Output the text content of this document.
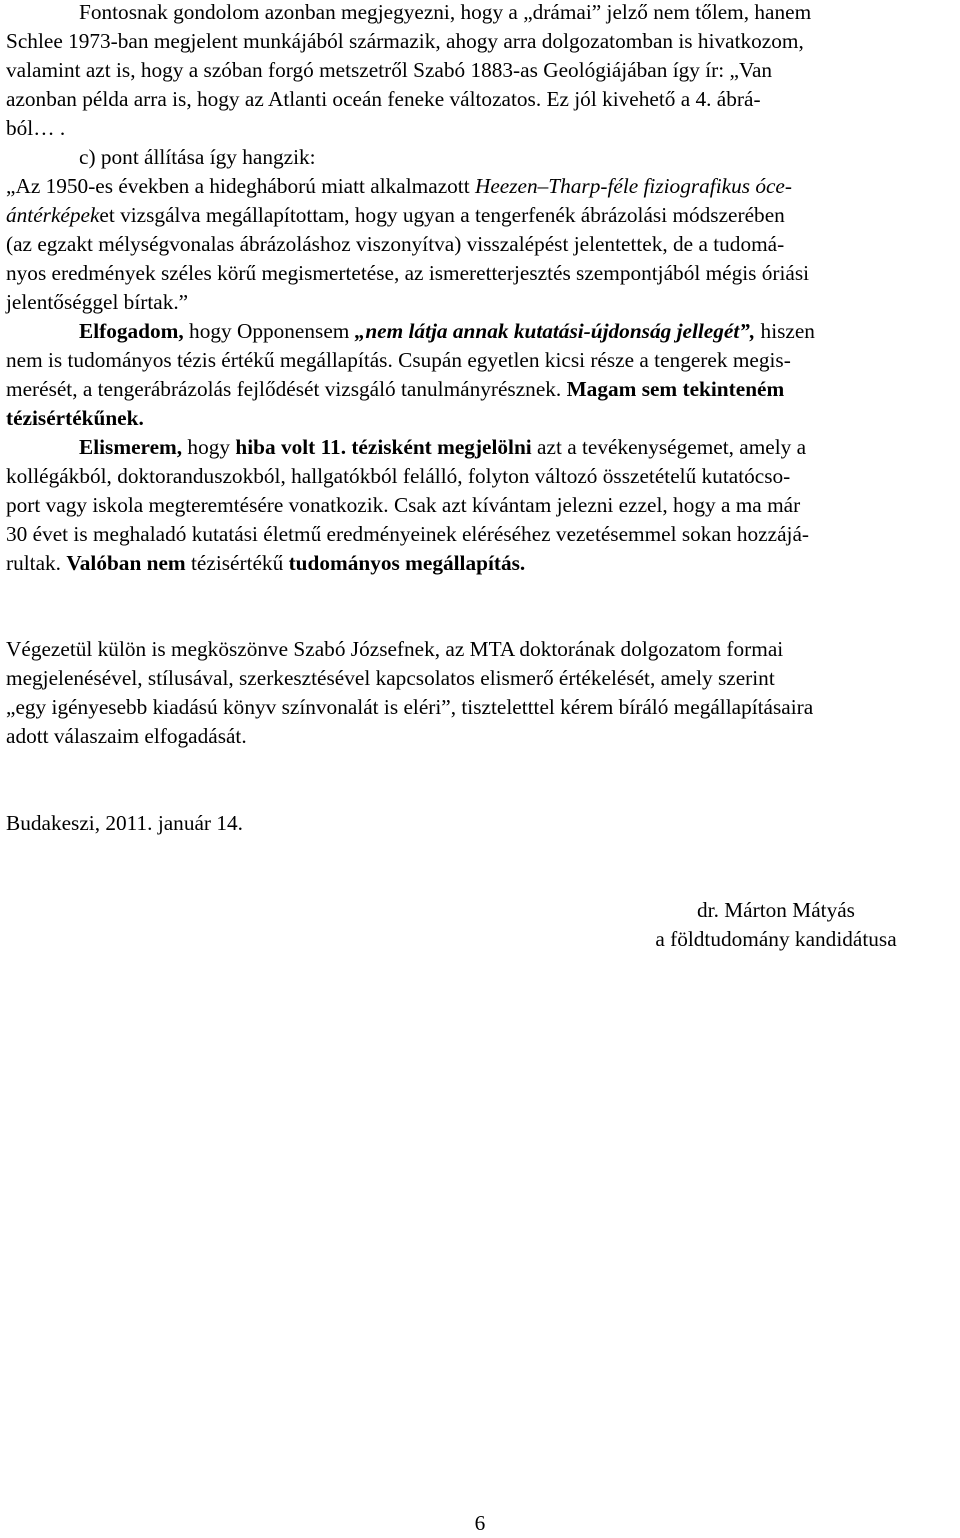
Fontosnak gondolom azonban megjegyezni, hogy a „drámai” jelző nem tőlem, hanem
Schlee 1973-ban megjelent munkájából származik, ahogy arra dolgozatomban is hivatkozom,
valamint azt is, hogy a szóban forgó metszetről Szabó 1883-as Geológiájában így ír: „Van
azonban példa arra is, hogy az Atlanti oceán feneke változatos. Ez jól kivehető a 4. ábrá-
ból… .
c) pont állítása így hangzik:
„Az 1950-es években a hidegháború miatt alkalmazott Heezen–Tharp-féle fiziografikus óce-
ántérképeket vizsgálva megállapítottam, hogy ugyan a tengerfenék ábrázolási módszerében
(az egzakt mélységvonalas ábrázoláshoz viszonyítva) visszalépést jelentettek, de a tudomá-
nyos eredmények széles körű megismertetése, az ismeretterjesztés szempontjából mégis óriási
jelentőséggel bírtak.”
Elfogadom, hogy Opponensem „nem látja annak kutatási-újdonság jellegét”, hiszen
nem is tudományos tézis értékű megállapítás. Csupán egyetlen kicsi része a tengerek megis-
merését, a tengerábrázolás fejlődését vizsgáló tanulmányrésznek. Magam sem tekinteném
tézisértékűnek.
Elismerem, hogy hiba volt 11. tézisként megjelölni azt a tevékenységemet, amely a
kollégákból, doktoranduszokból, hallgatókból felálló, folyton változó összetételű kutatócso-
port vagy iskola megteremtésére vonatkozik. Csak azt kívántam jelezni ezzel, hogy a ma már
30 évet is meghaladó kutatási életmű eredményeinek eléréséhez vezetésemmel sokan hozzájá-
rultak. Valóban nem tézisértékű tudományos megállapítás.
Végezetül külön is megköszönve Szabó Józsefnek, az MTA doktorának dolgozatom formai
megjelenésével, stílusával, szerkesztésével kapcsolatos elismerő értékelését, amely szerint
„egy igényesebb kiadású könyv színvonalát is eléri”, tiszteletttel kérem bíráló megállapításaira
adott válaszaim elfogadását.
Budakeszi, 2011. január 14.
dr. Márton Mátyás
a földtudomány kandidátusa
6
